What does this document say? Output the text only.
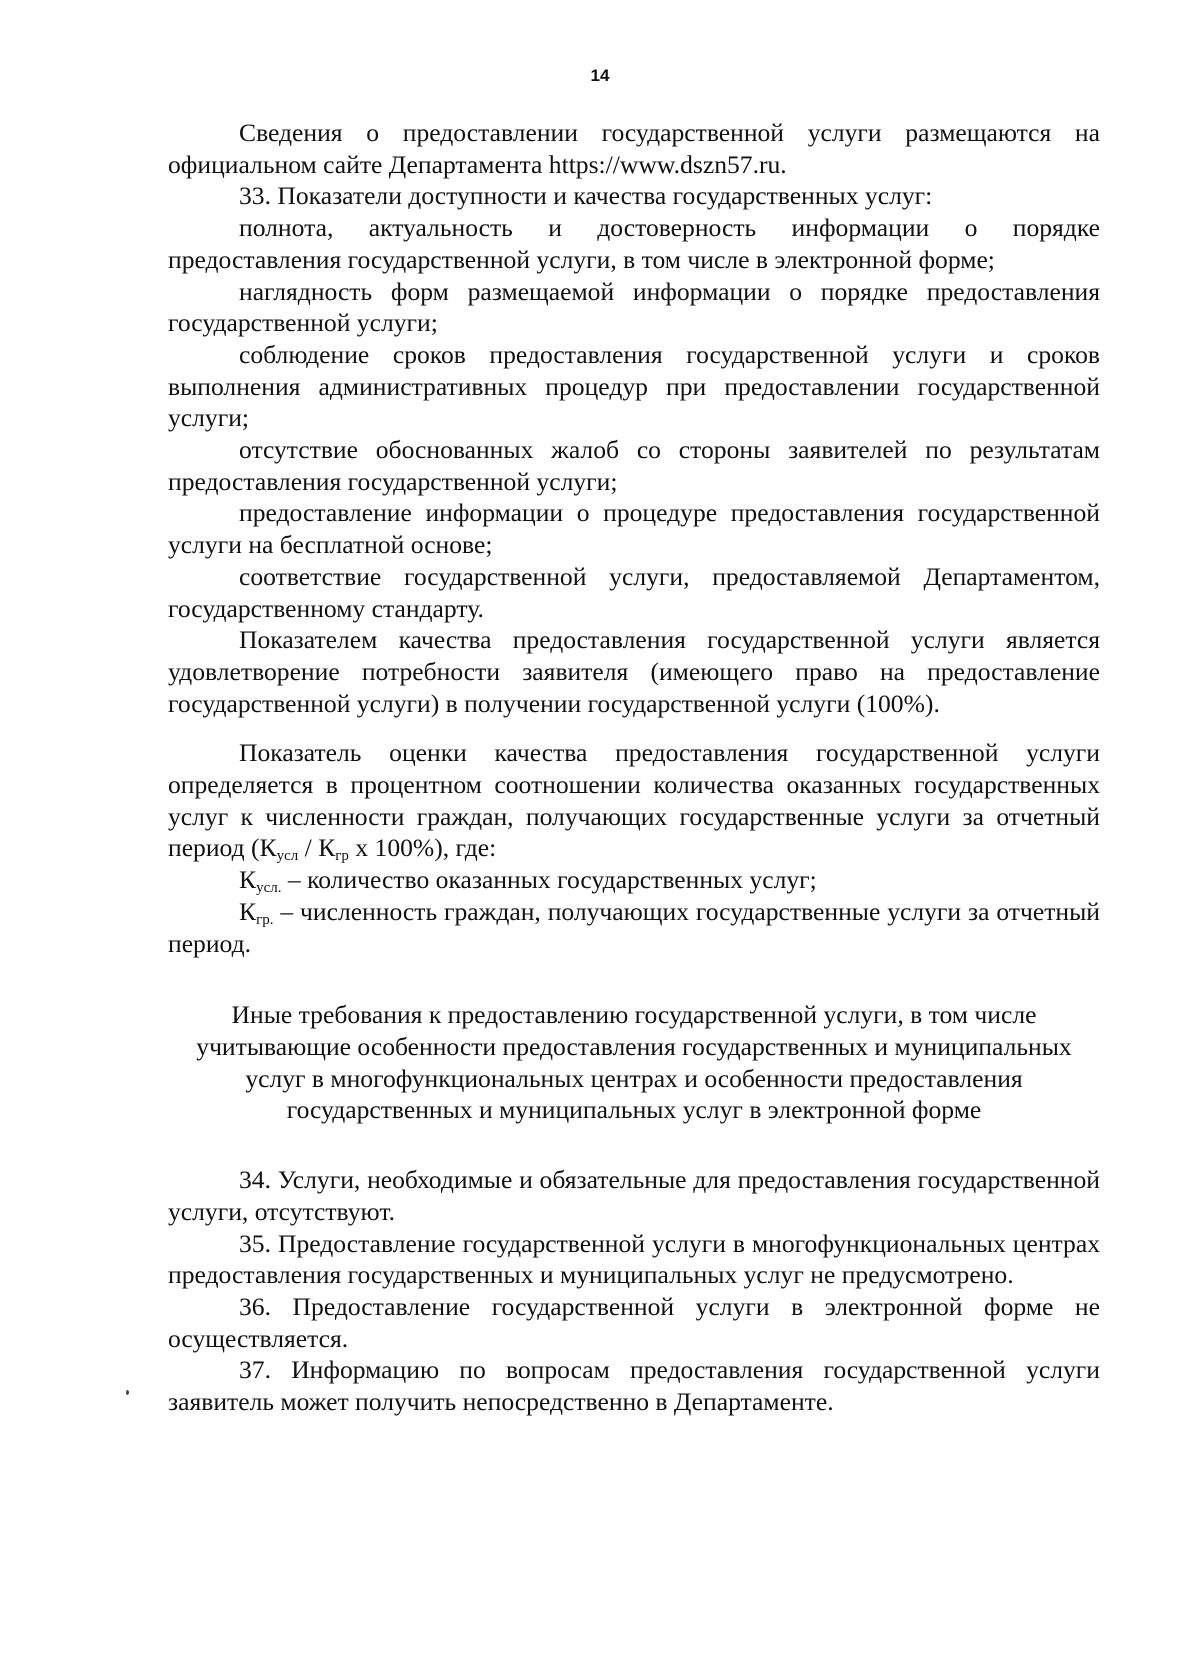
14

Сведения о предоставлении государственной услуги размещаются на официальном сайте Департамента https://www.dszn57.ru.

33. Показатели доступности и качества государственных услуг:

полнота, актуальность и достоверность информации о порядке предоставления государственной услуги, в том числе в электронной форме;

наглядность форм размещаемой информации о порядке предоставления государственной услуги;

соблюдение сроков предоставления государственной услуги и сроков выполнения административных процедур при предоставлении государственной услуги;

отсутствие обоснованных жалоб со стороны заявителей по результатам предоставления государственной услуги;

предоставление информации о процедуре предоставления государственной услуги на бесплатной основе;

соответствие государственной услуги, предоставляемой Департаментом, государственному стандарту.

Показателем качества предоставления государственной услуги является удовлетворение потребности заявителя (имеющего право на предоставление государственной услуги) в получении государственной услуги (100%).

Показатель оценки качества предоставления государственной услуги определяется в процентном соотношении количества оказанных государственных услуг к численности граждан, получающих государственные услуги за отчетный период ($К_{усл} / К_{гр}$ х 100%), где:

$К_{усл.}$ – количество оказанных государственных услуг;

$К_{гр.}$ – численность граждан, получающих государственные услуги за отчетный период.

Иные требования к предоставлению государственной услуги, в том числе учитывающие особенности предоставления государственных и муниципальных услуг в многофункциональных центрах и особенности предоставления государственных и муниципальных услуг в электронной форме

34. Услуги, необходимые и обязательные для предоставления государственной услуги, отсутствуют.

35. Предоставление государственной услуги в многофункциональных центрах предоставления государственных и муниципальных услуг не предусмотрено.

36. Предоставление государственной услуги в электронной форме не осуществляется.

37. Информацию по вопросам предоставления государственной услуги заявитель может получить непосредственно в Департаменте.
